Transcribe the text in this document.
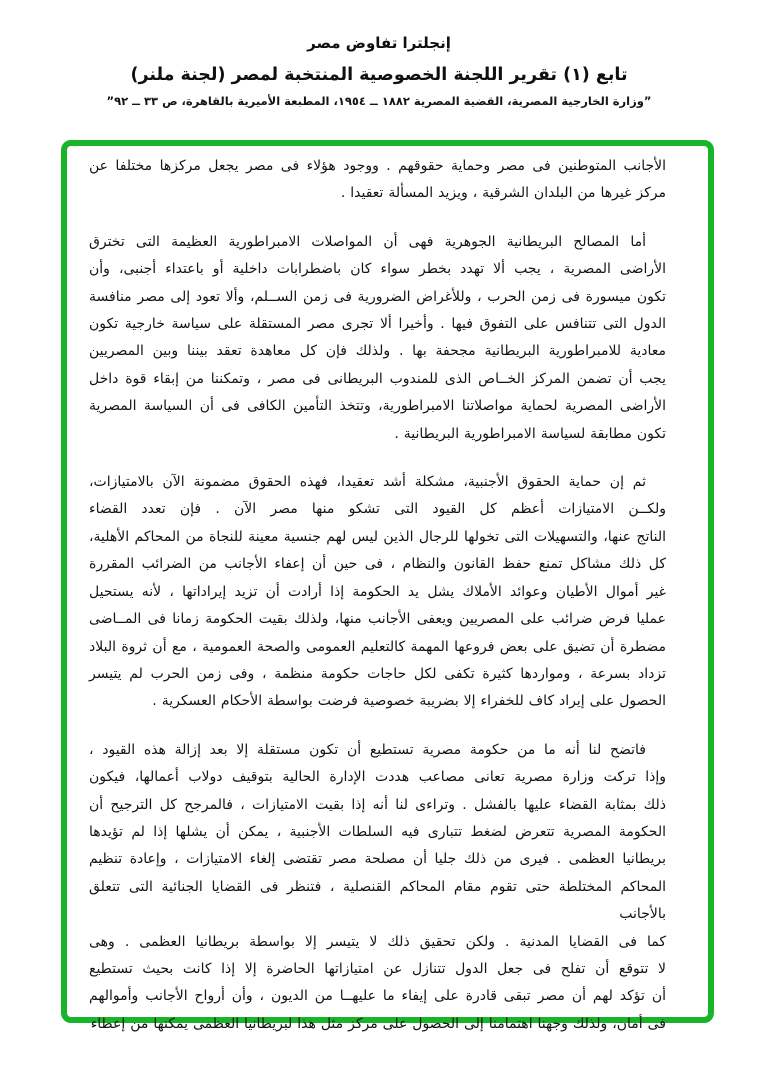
إنجلترا تفاوض مصر
تابع (١) تقرير اللجنة الخصوصية المنتخبة لمصر (لجنة ملنر)
”وزارة الخارجية المصرية، القضية المصرية ١٨٨٢ ــ ١٩٥٤، المطبعة الأميرية بالقاهرة، ص ٣٣ ــ ٩٢”
الأجانب المتوطنين فى مصر وحماية حقوقهم . ووجود هؤلاء فى مصر يجعل مركزها مختلفا عن
مركز غيرها من البلدان الشرقية ، ويزيد المسألة تعقيدا .
أما المصالح البريطانية الجوهرية فهى أن المواصلات الامبراطورية العظيمة التى تخترق
الأراضى المصرية ، يجب ألا تهدد بخطر سواء كان باضطرابات داخلية أو باعتداء أجنبى، وأن
تكون ميسورة فى زمن الحرب ، وللأغراض الضرورية فى زمن الســلم، وألا تعود إلى مصر منافسة
الدول التى تتنافس على التفوق فيها . وأخيرا ألا تجرى مصر المستقلة على سياسة خارجية تكون
معادية للامبراطورية البريطانية مجحفة بها . ولذلك فإن كل معاهدة تعقد بيننا وبين المصريين
يجب أن تضمن المركز الخــاص الذى للمندوب البريطانى فى مصر ، وتمكننا من إبقاء قوة داخل
الأراضى المصرية لحماية مواصلاتنا الامبراطورية، وتتخذ التأمين الكافى فى أن السياسة المصرية
تكون مطابقة لسياسة الامبراطورية البريطانية .
ثم إن حماية الحقوق الأجنبية، مشكلة أشد تعقيدا، فهذه الحقوق مضمونة الآن بالامتيازات،
ولكــن الامتيازات أعظم كل القيود التى تشكو منها مصر الآن . فإن تعدد القضاء
الناتج عنها، والتسهيلات التى تخولها للرجال الذين ليس لهم جنسية معينة للنجاة من المحاكم الأهلية،
كل ذلك مشاكل تمنع حفظ القانون والنظام ، فى حين أن إعفاء الأجانب من الضرائب المقررة
غير أموال الأطيان وعوائد الأملاك يشل يد الحكومة إذا أرادت أن تزيد إيراداتها ، لأنه يستحيل
عمليا فرض ضرائب على المصريين ويعفى الأجانب منها، ولذلك بقيت الحكومة زمانا فى المــاضى
مضطرة أن تضيق على بعض فروعها المهمة كالتعليم العمومى والصحة العمومية ، مع أن ثروة البلاد
تزداد بسرعة ، ومواردها كثيرة تكفى لكل حاجات حكومة منظمة ، وفى زمن الحرب لم يتيسر
الحصول على إيراد كاف للخفراء إلا بضريبة خصوصية فرضت بواسطة الأحكام العسكرية .
فاتضح لنا أنه ما من حكومة مصرية تستطيع أن تكون مستقلة إلا بعد إزالة هذه القيود ،
وإذا تركت وزارة مصرية تعانى مصاعب هددت الإدارة الحالية بتوقيف دولاب أعمالها، فيكون
ذلك بمثابة القضاء عليها بالفشل . وتراءى لنا أنه إذا بقيت الامتيازات ، فالمرجح كل الترجيح أن
الحكومة المصرية تتعرض لضغط تتبارى فيه السلطات الأجنبية ، يمكن أن يشلها إذا لم تؤيدها
بريطانيا العظمى . فيرى من ذلك جليا أن مصلحة مصر تقتضى إلغاء الامتيازات ، وإعادة تنظيم
المحاكم المختلطة حتى تقوم مقام المحاكم القنصلية ، فتنظر فى القضايا الجنائية التى تتعلق بالأجانب
كما فى القضايا المدنية . ولكن تحقيق ذلك لا يتيسر إلا بواسطة بريطانيا العظمى . وهى
لا تتوقع أن تفلح فى جعل الدول تتنازل عن امتيازاتها الحاضرة إلا إذا كانت بحيث تستطيع
أن تؤكد لهم أن مصر تبقى قادرة على إيفاء ما عليهــا من الديون ، وأن أرواح الأجانب وأموالهم
فى أمان، ولذلك وجهنا اهتمامنا إلى الحصول على مركز مثل هذا لبريطانيا العظمى يمكنها من إعطاء
